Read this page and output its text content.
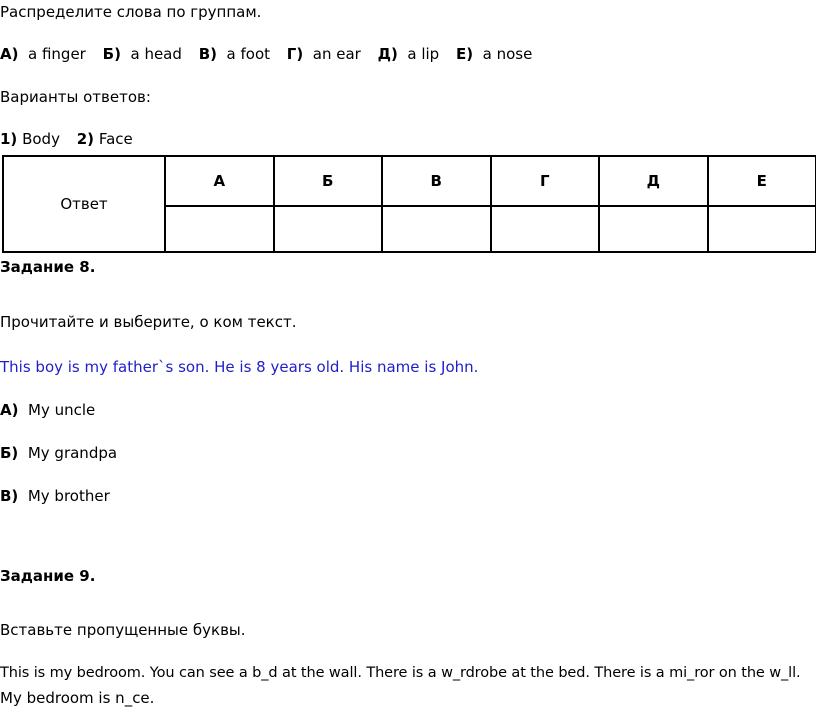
Распределите слова по группам.
А) a finger Б) a head В) a foot Г) an ear Д) a lip Е) a nose
Варианты ответов:
1) Body 2) Face
Ответ	А	Б	В	Г	Д	Е

Задание 8.
Прочитайте и выберите, о ком текст.
This boy is my father`s son. He is 8 years old. His name is John.
А) My uncle
Б) My grandpa
В) My brother
Задание 9.
Вставьте пропущенные буквы.
This is my bedroom. You can see a b_d at the wall. There is a w_rdrobe at the bed. There is a mi_ror on the w_ll.
My bedroom is n_ce.
